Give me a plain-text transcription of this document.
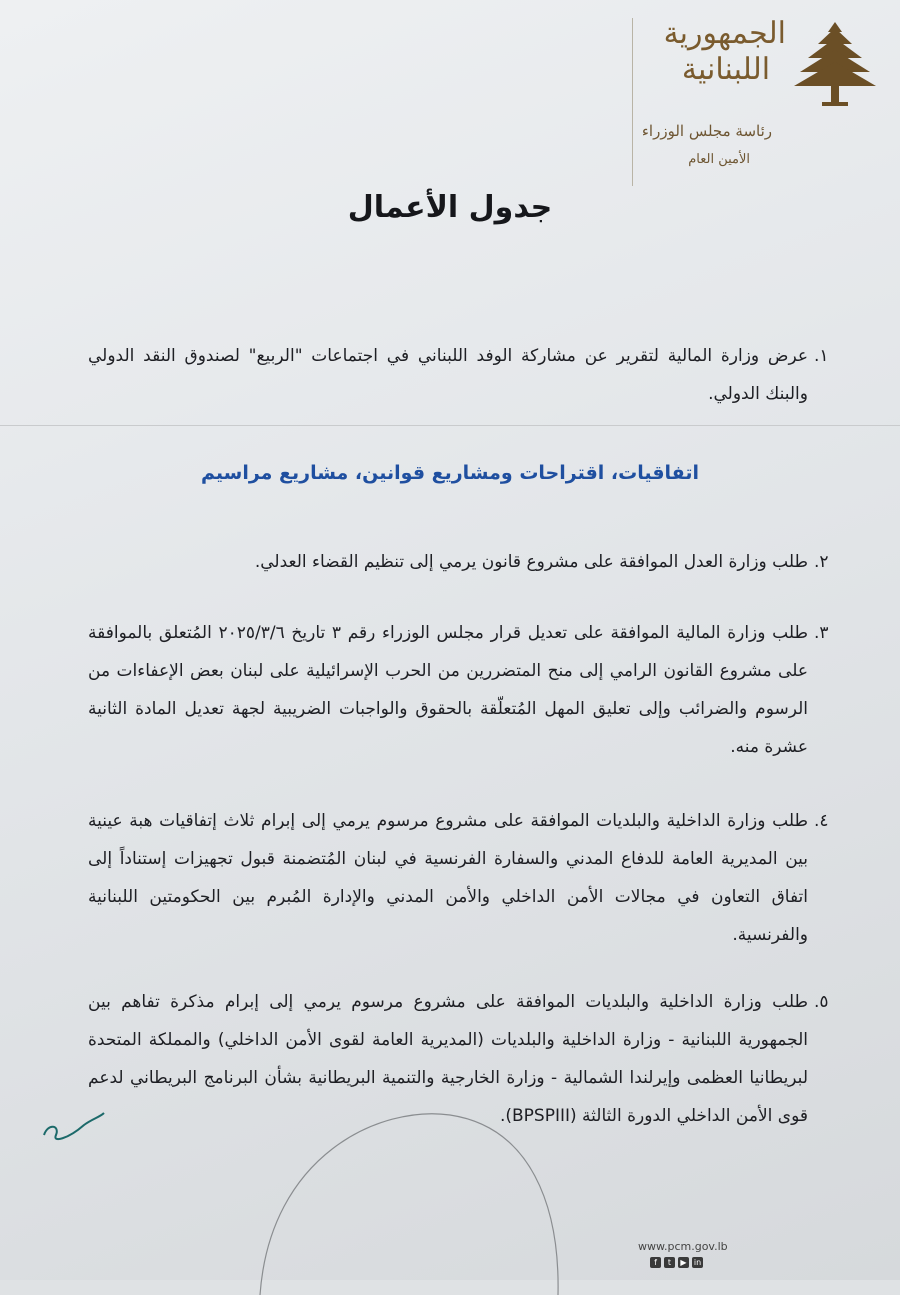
الجمهورية
اللبنانية
رئاسة مجلس الوزراء
الأمين العام
جدول الأعمال
١.
عرض وزارة المالية لتقرير عن مشاركة الوفد اللبناني في اجتماعات "الربيع" لصندوق النقد الدولي والبنك الدولي.
اتفاقيات، اقتراحات ومشاريع قوانين، مشاريع مراسيم
٢.
طلب وزارة العدل الموافقة على مشروع قانون يرمي إلى تنظيم القضاء العدلي.
٣.
طلب وزارة المالية الموافقة على تعديل قرار مجلس الوزراء رقم ٣ تاريخ ٢٠٢٥/٣/٦ المُتعلق بالموافقة على مشروع القانون الرامي إلى منح المتضررين من الحرب الإسرائيلية على لبنان بعض الإعفاءات من الرسوم والضرائب وإلى تعليق المهل المُتعلّقة بالحقوق والواجبات الضريبية لجهة تعديل المادة الثانية عشرة منه.
٤.
طلب وزارة الداخلية والبلديات الموافقة على مشروع مرسوم يرمي إلى إبرام ثلاث إتفاقيات هبة عينية بين المديرية العامة للدفاع المدني والسفارة الفرنسية في لبنان المُتضمنة قبول تجهيزات إستناداً إلى اتفاق التعاون في مجالات الأمن الداخلي والأمن المدني والإدارة المُبرم بين الحكومتين اللبنانية والفرنسية.
٥.
طلب وزارة الداخلية والبلديات الموافقة على مشروع مرسوم يرمي إلى إبرام مذكرة تفاهم بين الجمهورية اللبنانية - وزارة الداخلية والبلديات (المديرية العامة لقوى الأمن الداخلي) والمملكة المتحدة لبريطانيا العظمى وإيرلندا الشمالية - وزارة الخارجية والتنمية البريطانية بشأن البرنامج البريطاني لدعم قوى الأمن الداخلي الدورة الثالثة (BPSPIII).
www.pcm.gov.lb
f	t	▶ in
